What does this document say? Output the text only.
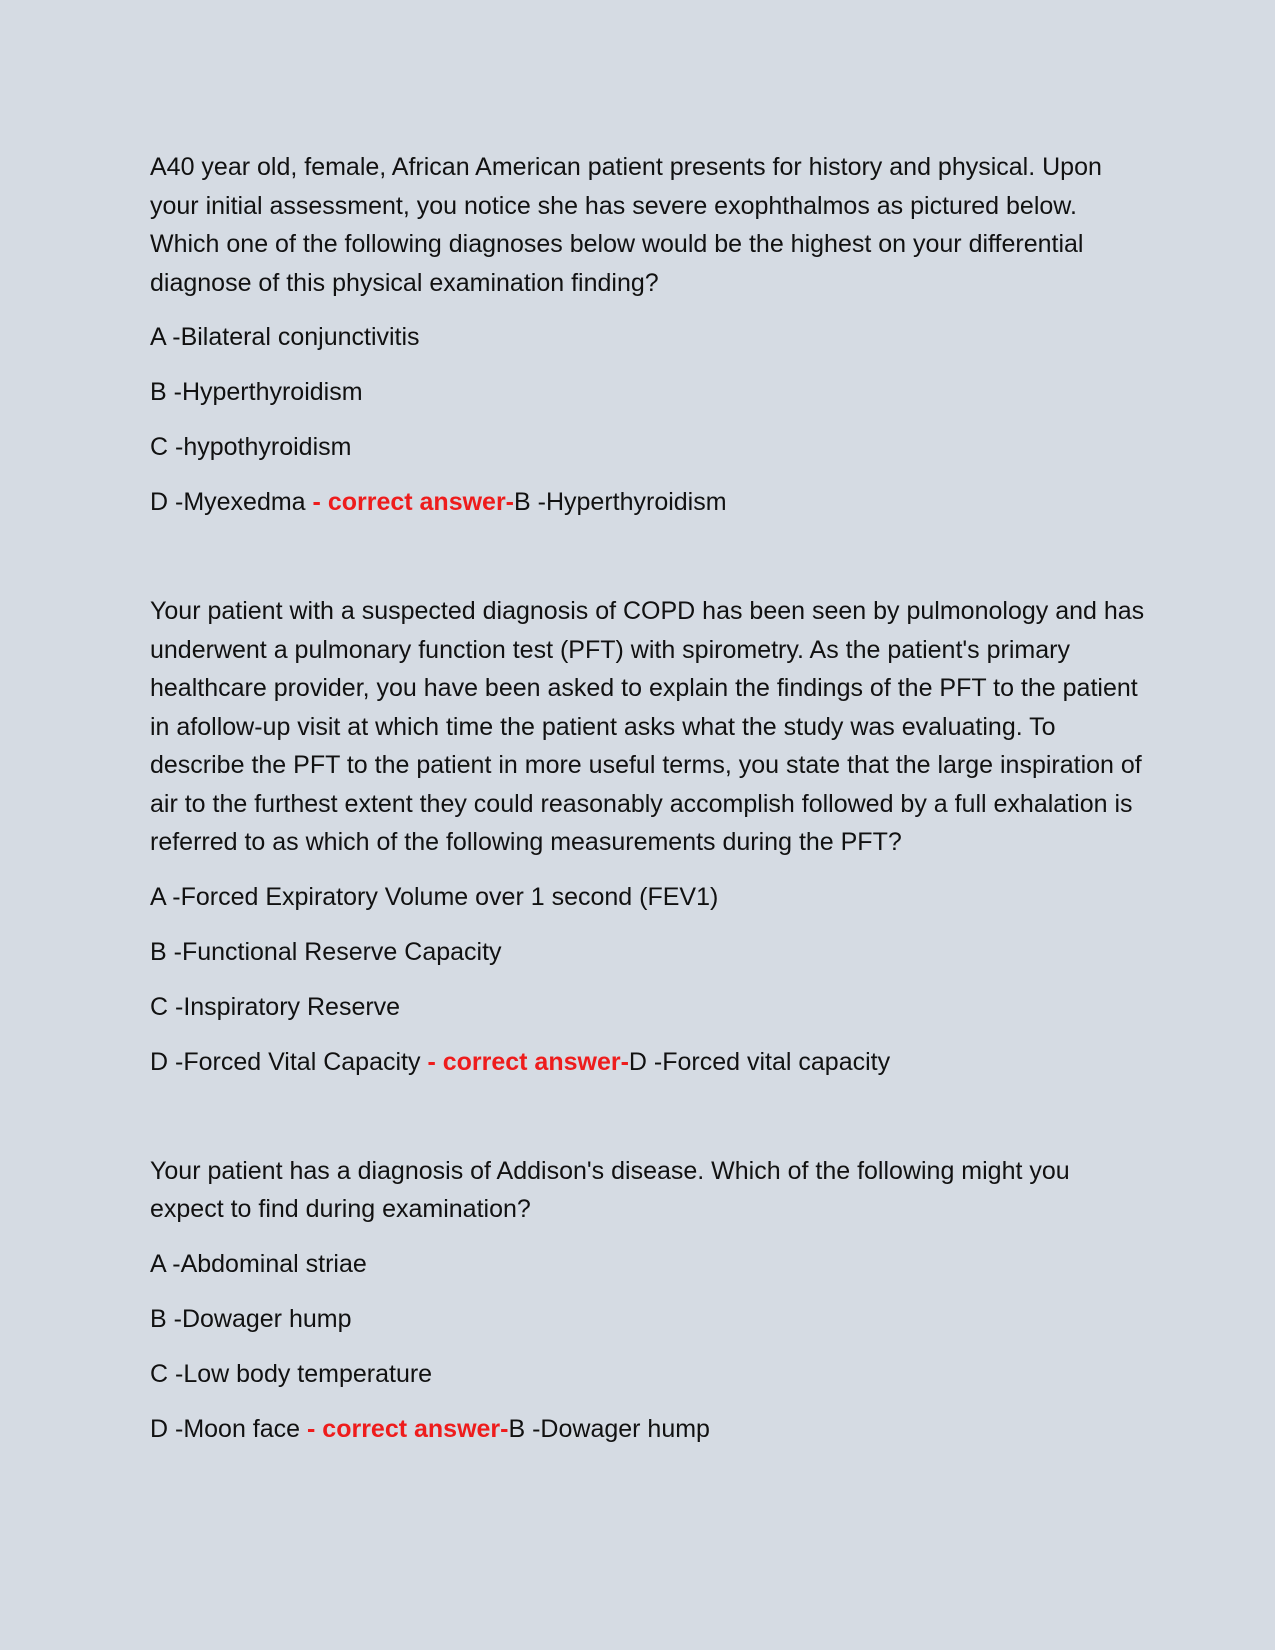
A40 year old, female, African American patient presents for history and physical. Upon your initial assessment, you notice she has severe exophthalmos as pictured below. Which one of the following diagnoses below would be the highest on your differential diagnose of this physical examination finding?

A -Bilateral conjunctivitis

B -Hyperthyroidism

C -hypothyroidism

D -Myexedma - correct answer-B -Hyperthyroidism

Your patient with a suspected diagnosis of COPD has been seen by pulmonology and has underwent a pulmonary function test (PFT) with spirometry. As the patient's primary healthcare provider, you have been asked to explain the findings of the PFT to the patient in afollow-up visit at which time the patient asks what the study was evaluating. To describe the PFT to the patient in more useful terms, you state that the large inspiration of air to the furthest extent they could reasonably accomplish followed by a full exhalation is referred to as which of the following measurements during the PFT?

A -Forced Expiratory Volume over 1 second (FEV1)

B -Functional Reserve Capacity

C -Inspiratory Reserve

D -Forced Vital Capacity - correct answer-D -Forced vital capacity

Your patient has a diagnosis of Addison's disease. Which of the following might you expect to find during examination?

A -Abdominal striae

B -Dowager hump

C -Low body temperature

D -Moon face - correct answer-B -Dowager hump
